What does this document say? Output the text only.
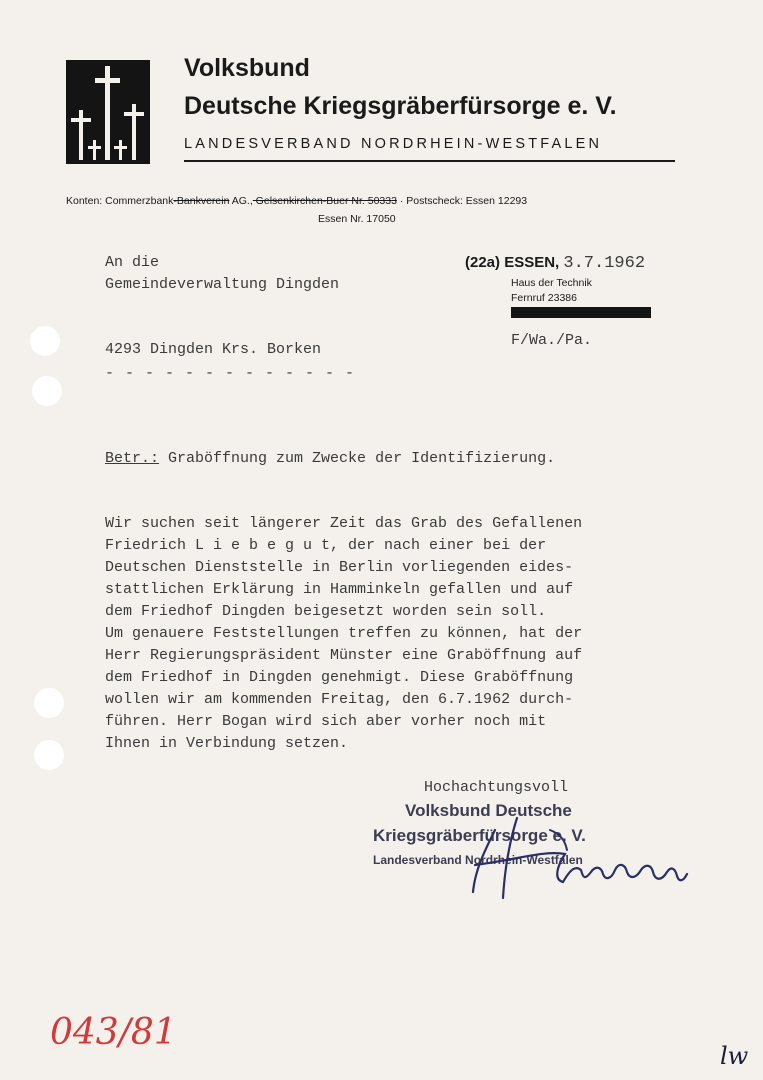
Volksbund
Deutsche Kriegsgräberfürsorge e. V.
LANDESVERBAND NORDRHEIN-WESTFALEN
Konten: Commerzbank-Bankverein AG., Gelsenkirchen-Buer Nr. 50333 · Postscheck: Essen 12293
Essen Nr. 17050
An die
Gemeindeverwaltung Dingden
4293 Dingden Krs. Borken
- - - - - - - - - - - - -
(22a) ESSEN, 3.7.1962
Haus der Technik
Fernruf 23386
F/Wa./Pa.
Betr.: Graböffnung zum Zwecke der Identifizierung.
Wir suchen seit längerer Zeit das Grab des Gefallenen
Friedrich L i e b e g u t, der nach einer bei der
Deutschen Dienststelle in Berlin vorliegenden eides-
stattlichen Erklärung in Hamminkeln gefallen und auf
dem Friedhof Dingden beigesetzt worden sein soll.
Um genauere Feststellungen treffen zu können, hat der
Herr Regierungspräsident Münster eine Graböffnung auf
dem Friedhof in Dingden genehmigt. Diese Graböffnung
wollen wir am kommenden Freitag, den 6.7.1962 durch-
führen. Herr Bogan wird sich aber vorher noch mit
Ihnen in Verbindung setzen.
Hochachtungsvoll
Volksbund Deutsche
Kriegsgräberfürsorge e. V.
Landesverband Nordrhein-Westfalen
043/81
lw
